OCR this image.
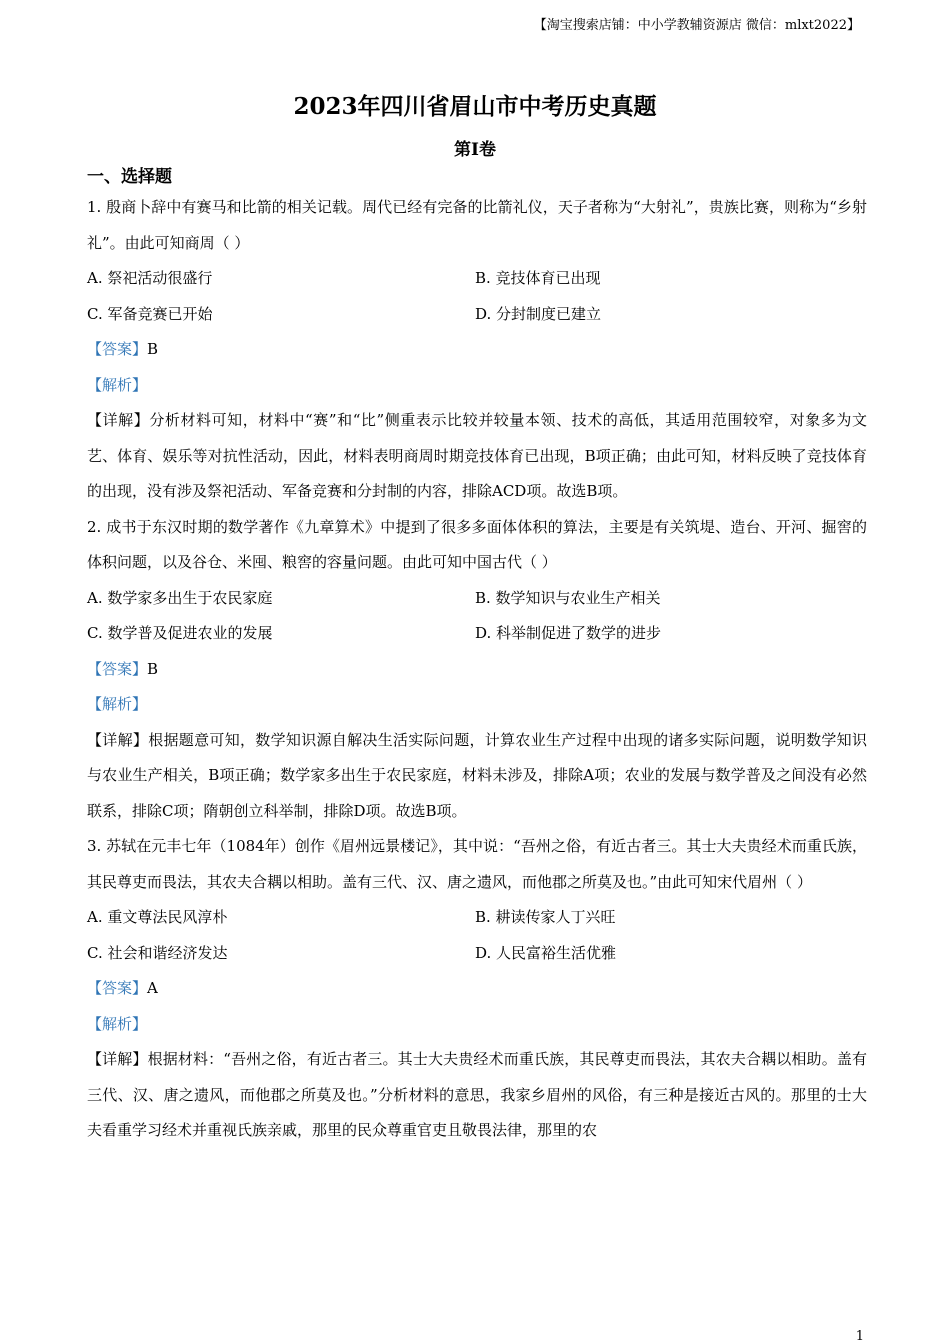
【淘宝搜索店铺：中小学教辅资源店 微信：mlxt2022】
2023年四川省眉山市中考历史真题
第I卷
一、选择题
1. 殷商卜辞中有赛马和比箭的相关记载。周代已经有完备的比箭礼仪，天子者称为“大射礼”，贵族比赛，则称为“乡射礼”。由此可知商周（ ）
A. 祭祀活动很盛行	B. 竞技体育已出现
C. 军备竞赛已开始	D. 分封制度已建立
【答案】B
【解析】
【详解】分析材料可知，材料中“赛”和“比”侧重表示比较并较量本领、技术的高低，其适用范围较窄，对象多为文艺、体育、娱乐等对抗性活动，因此，材料表明商周时期竞技体育已出现，B项正确；由此可知，材料反映了竞技体育的出现，没有涉及祭祀活动、军备竞赛和分封制的内容，排除ACD项。故选B项。
2. 成书于东汉时期的数学著作《九章算术》中提到了很多多面体体积的算法，主要是有关筑堤、造台、开河、掘窖的体积问题，以及谷仓、米囤、粮窖的容量问题。由此可知中国古代（ ）
A. 数学家多出生于农民家庭	B. 数学知识与农业生产相关
C. 数学普及促进农业的发展	D. 科举制促进了数学的进步
【答案】B
【解析】
【详解】根据题意可知，数学知识源自解决生活实际问题，计算农业生产过程中出现的诸多实际问题，说明数学知识与农业生产相关，B项正确；数学家多出生于农民家庭，材料未涉及，排除A项；农业的发展与数学普及之间没有必然联系，排除C项；隋朝创立科举制，排除D项。故选B项。
3. 苏轼在元丰七年（1084年）创作《眉州远景楼记》，其中说：“吾州之俗，有近古者三。其士大夫贵经术而重氏族，其民尊吏而畏法，其农夫合耦以相助。盖有三代、汉、唐之遗风，而他郡之所莫及也。”由此可知宋代眉州（ ）
A. 重文尊法民风淳朴	B. 耕读传家人丁兴旺
C. 社会和谐经济发达	D. 人民富裕生活优雅
【答案】A
【解析】
【详解】根据材料：“吾州之俗，有近古者三。其士大夫贵经术而重氏族，其民尊吏而畏法，其农夫合耦以相助。盖有三代、汉、唐之遗风，而他郡之所莫及也。”分析材料的意思，我家乡眉州的风俗，有三种是接近古风的。那里的士大夫看重学习经术并重视氏族亲戚，那里的民众尊重官吏且敬畏法律，那里的农
1
